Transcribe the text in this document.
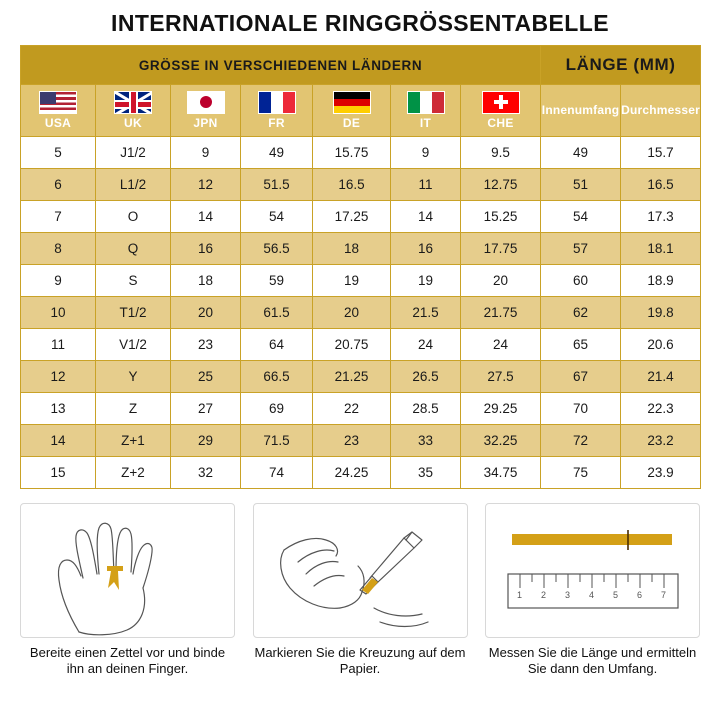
INTERNATIONALE RINGGRÖSSENTABELLE
GRÖSSE IN VERSCHIEDENEN LÄNDERN							LÄNGE (MM)	

USA	UK	JPN	FR	DE	IT	CHE	Innenumfang	Durchmesser
5	J1/2	9	49	15.75	9	9.5	49	15.7
6	L1/2	12	51.5	16.5	11	12.75	51	16.5
7	O	14	54	17.25	14	15.25	54	17.3
8	Q	16	56.5	18	16	17.75	57	18.1
9	S	18	59	19	19	20	60	18.9
10	T1/2	20	61.5	20	21.5	21.75	62	19.8
11	V1/2	23	64	20.75	24	24	65	20.6
12	Y	25	66.5	21.25	26.5	27.5	67	21.4
13	Z	27	69	22	28.5	29.25	70	22.3
14	Z+1	29	71.5	23	33	32.25	72	23.2
15	Z+2	32	74	24.25	35	34.75	75	23.9
Bereite einen Zettel vor und binde ihn an deinen Finger.
Markieren Sie die Kreuzung auf dem Papier.
1 2 3 4 5 6 7
Messen Sie die Länge und ermitteln Sie dann den Umfang.
